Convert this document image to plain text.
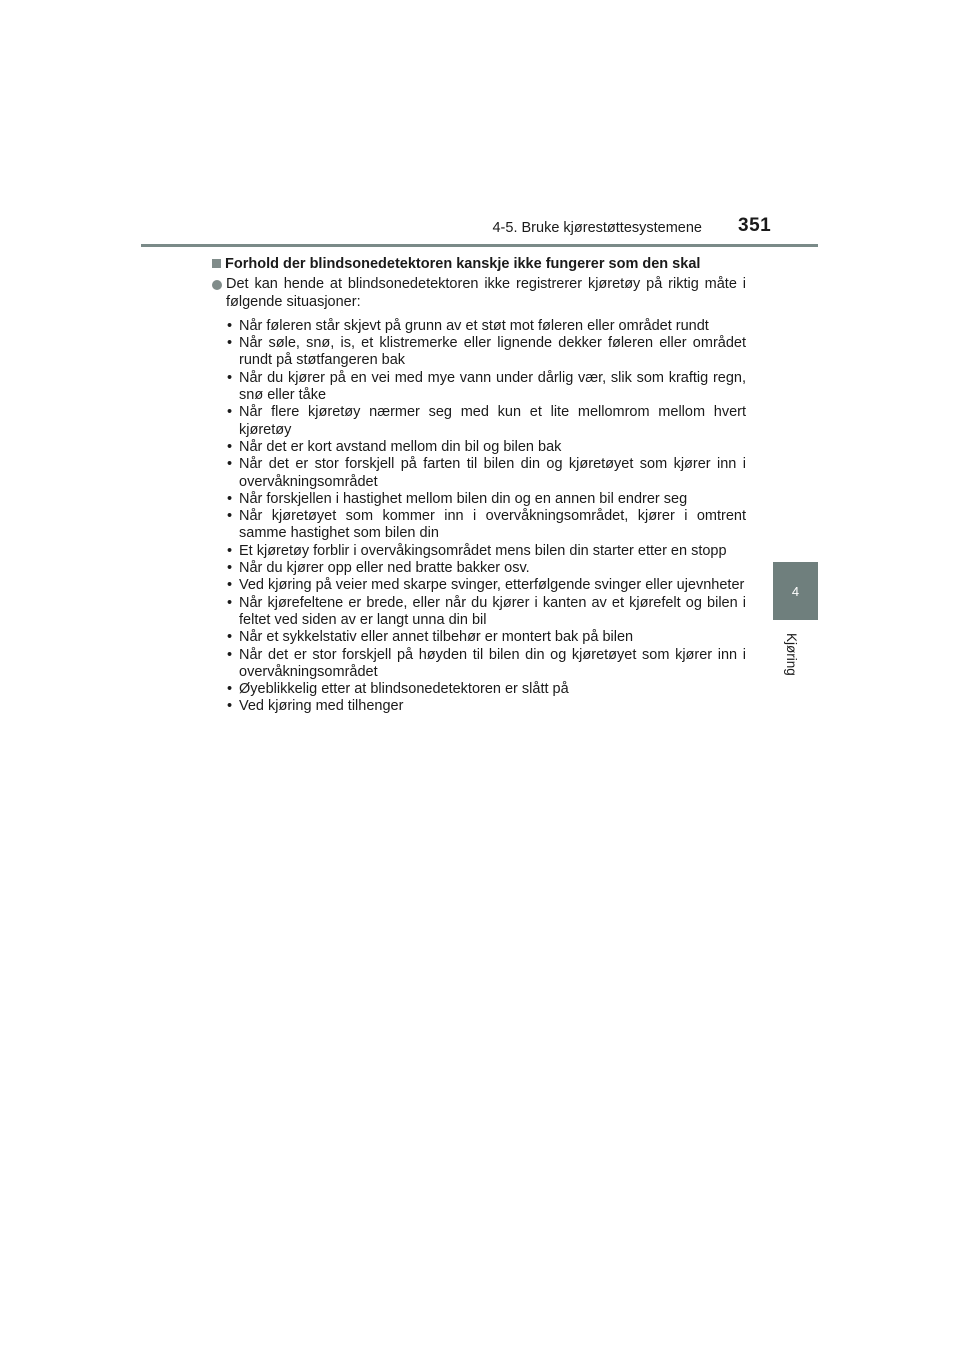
4-5. Bruke kjørestøttesystemene 351
4
Kjøring
Forhold der blindsonedetektoren kanskje ikke fungerer som den skal
Det kan hende at blindsonedetektoren ikke registrerer kjøretøy på riktig måte i følgende situasjoner:
• Når føleren står skjevt på grunn av et støt mot føleren eller området rundt
• Når søle, snø, is, et klistremerke eller lignende dekker føleren eller området rundt på støtfangeren bak
• Når du kjører på en vei med mye vann under dårlig vær, slik som kraftig regn, snø eller tåke
• Når flere kjøretøy nærmer seg med kun et lite mellomrom mellom hvert kjøretøy
• Når det er kort avstand mellom din bil og bilen bak
• Når det er stor forskjell på farten til bilen din og kjøretøyet som kjører inn i overvåkningsområdet
• Når forskjellen i hastighet mellom bilen din og en annen bil endrer seg
• Når kjøretøyet som kommer inn i overvåkningsområdet, kjører i omtrent samme hastighet som bilen din
• Et kjøretøy forblir i overvåkingsområdet mens bilen din starter etter en stopp
• Når du kjører opp eller ned bratte bakker osv.
• Ved kjøring på veier med skarpe svinger, etterfølgende svinger eller ujevnheter
• Når kjørefeltene er brede, eller når du kjører i kanten av et kjørefelt og bilen i feltet ved siden av er langt unna din bil
• Når et sykkelstativ eller annet tilbehør er montert bak på bilen
• Når det er stor forskjell på høyden til bilen din og kjøretøyet som kjører inn i overvåkningsområdet
• Øyeblikkelig etter at blindsonedetektoren er slått på
• Ved kjøring med tilhenger
